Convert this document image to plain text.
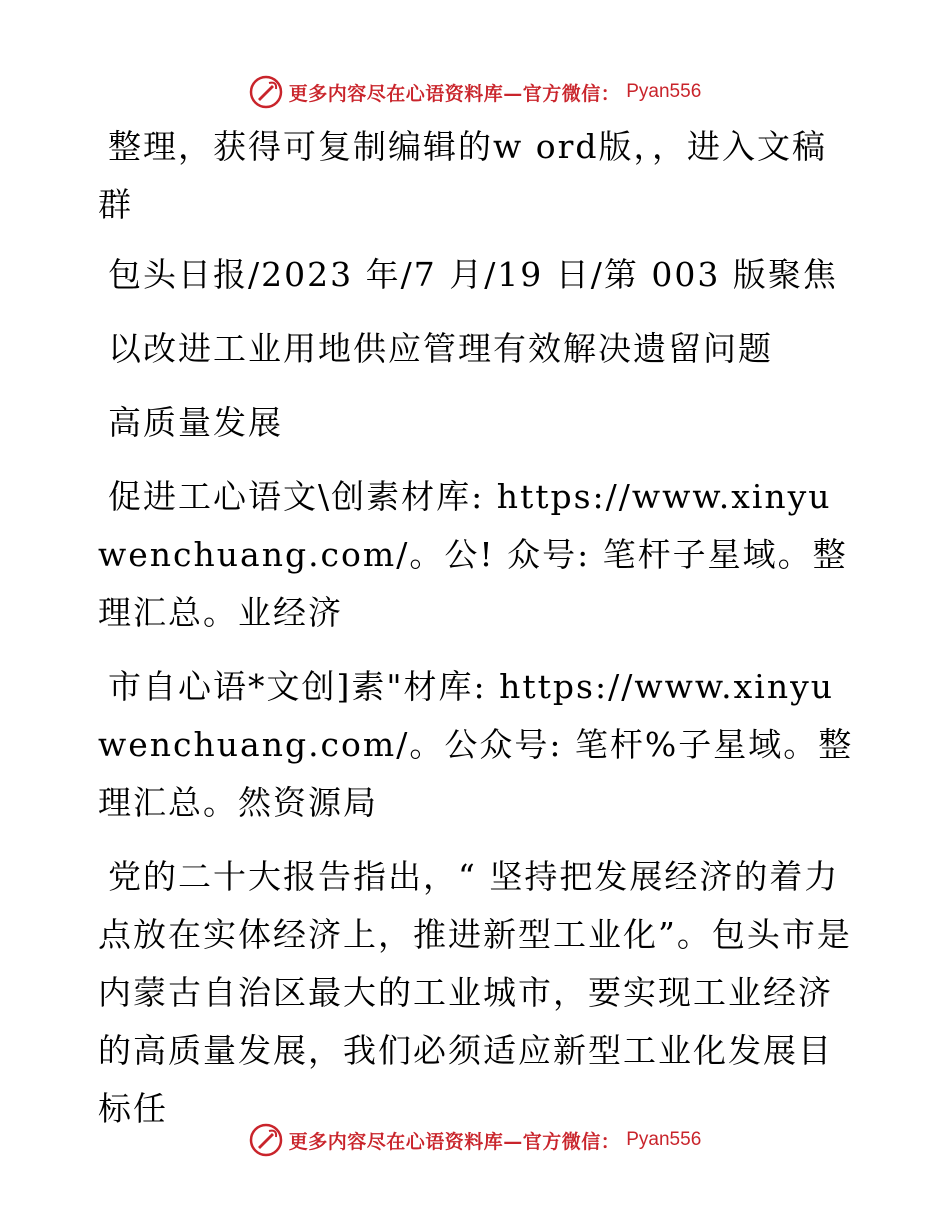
更多内容尽在心语资料库—官方微信： Pyan556

整理，获得可复制编辑的w ord版，，进入文稿群

包头日报/2023 年/7 月/19 日/第 003 版聚焦

以改进工业用地供应管理有效解决遗留问题

高质量发展

促进工心语文\创素材库: https://www.xinyuwenchuang.com/。公! 众号: 笔杆子星域。整理汇总。业经济

市自心语*文创]素"材库: https://www.xinyuwenchuang.com/。公众号: 笔杆%子星域。整理汇总。然资源局

党的二十大报告指出，“ 坚持把发展经济的着力点放在实体经济上，推进新型工业化”。包头市是内蒙古自治区最大的工业城市，要实现工业经济的高质量发展，我们必须适应新型工业化发展目标任

更多内容尽在心语资料库—官方微信： Pyan556
